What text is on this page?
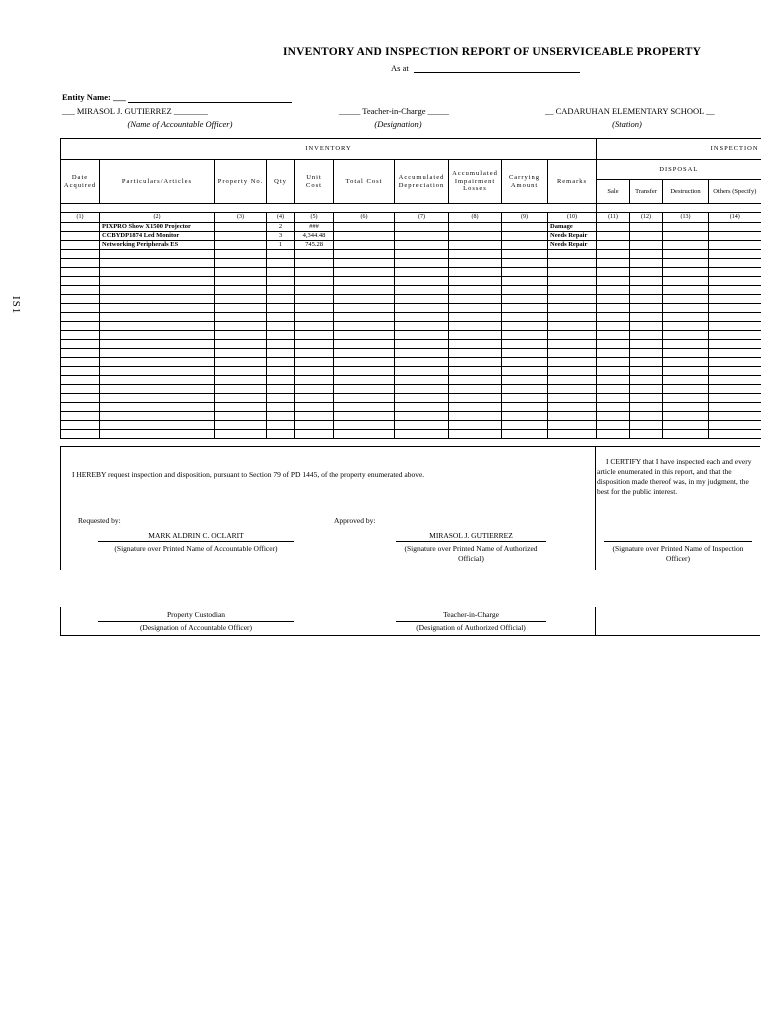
INVENTORY AND INSPECTION REPORT OF UNSERVICEABLE PROPERTY
As at
IS1
Entity Name: ___
___ MIRASOL J. GUTIERREZ ________
(Name of Accountable Officer)
_____ Teacher-in-Charge _____
(Designation)
__ CADARUHAN ELEMENTARY SCHOOL __
(Station)
INVENTORY										INSPECTION			
Date Acquired	Particulars/Articles	Property No.	Qty	Unit Cost	Total Cost	Accumulated Depreciation	Accumulated Impairment Losses	Carrying Amount	Remarks	DISPOSAL			
										Sale	Transfer	Destruction	Others (Specify)

(1)	(2)	(3)	(4)	(5)	(6)	(7)	(8)	(9)	(10)	(11)	(12)	(13)	(14)
	PIXPRO Show X1500 Projector		2	###					Damage				
	CCBYDP1874 Led Monitor		3	4,344.48					Needs Repair				
	Networking Peripherals ES		1	745.28					Needs Repair				

I HEREBY request inspection and disposition, pursuant to Section 79 of PD 1445, of the property enumerated above.
I CERTIFY that I have inspected each and every article enumerated in this report, and that the disposition made thereof was, in my judgment, the best for the public interest.
Requested by:	Approved by:
MARK ALDRIN C. OCLARIT
(Signature over Printed Name of Accountable Officer)
MIRASOL J. GUTIERREZ
(Signature over Printed Name of Authorized Official)
(Signature over Printed Name of Inspection Officer)
Property Custodian
(Designation of Accountable Officer)
Teacher-in-Charge
(Designation of Authorized Official)
